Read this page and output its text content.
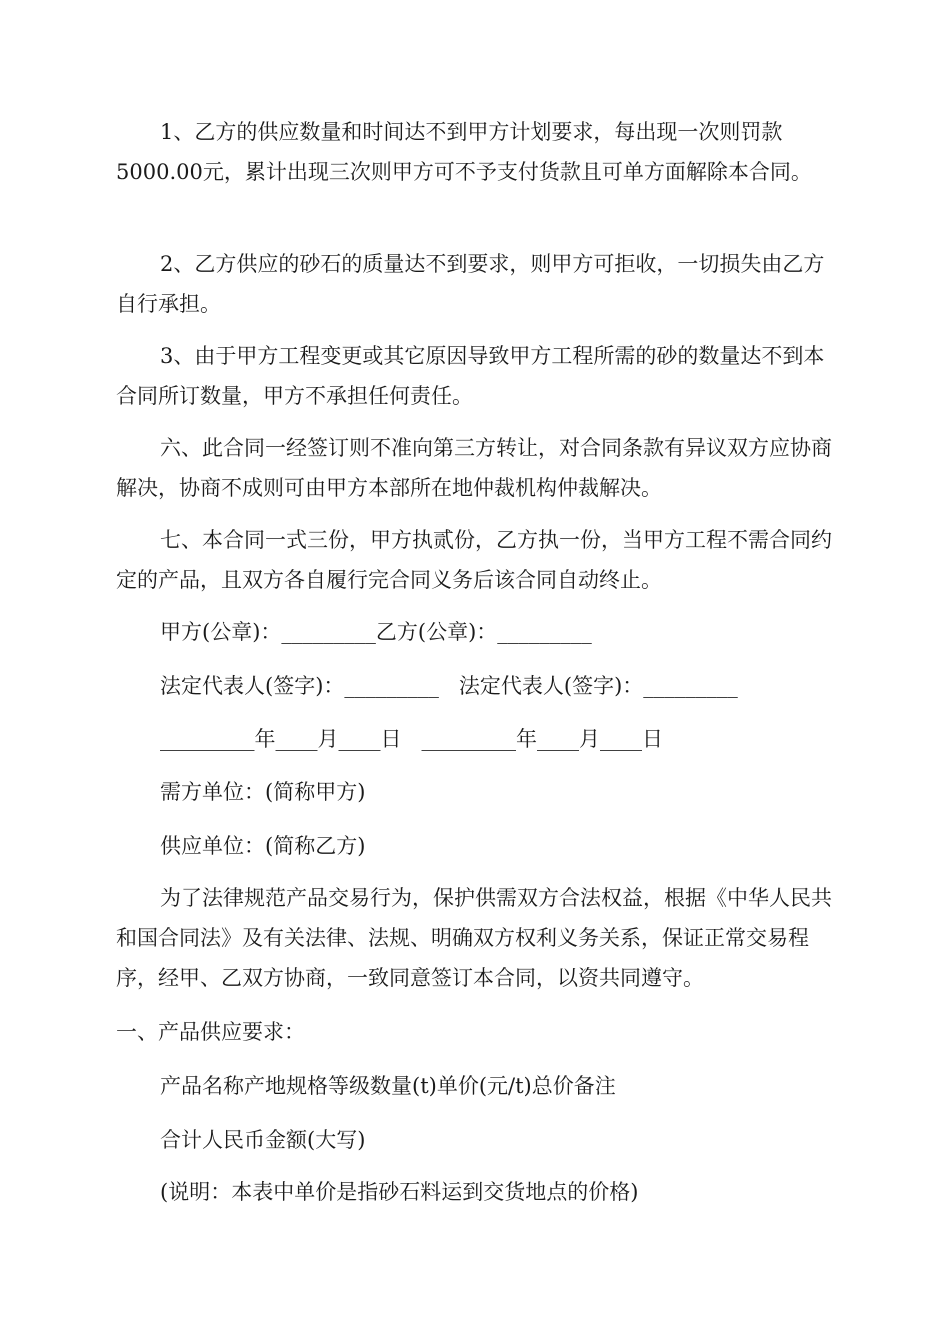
1、乙方的供应数量和时间达不到甲方计划要求，每出现一次则罚款5000.00元，累计出现三次则甲方可不予支付货款且可单方面解除本合同。

2、乙方供应的砂石的质量达不到要求，则甲方可拒收，一切损失由乙方自行承担。

3、由于甲方工程变更或其它原因导致甲方工程所需的砂的数量达不到本合同所订数量，甲方不承担任何责任。

六、此合同一经签订则不准向第三方转让，对合同条款有异议双方应协商解决，协商不成则可由甲方本部所在地仲裁机构仲裁解决。

七、本合同一式三份，甲方执贰份，乙方执一份，当甲方工程不需合同约定的产品，且双方各自履行完合同义务后该合同自动终止。

甲方(公章)：_________乙方(公章)：_________

法定代表人(签字)：_________   法定代表人(签字)：_________

_________年____月____日   _________年____月____日

需方单位：(简称甲方)

供应单位：(简称乙方)

为了法律规范产品交易行为，保护供需双方合法权益，根据《中华人民共和国合同法》及有关法律、法规、明确双方权利义务关系，保证正常交易程序，经甲、乙双方协商，一致同意签订本合同，以资共同遵守。

一、产品供应要求：

产品名称产地规格等级数量(t)单价(元/t)总价备注

合计人民币金额(大写)

(说明：本表中单价是指砂石料运到交货地点的价格)
